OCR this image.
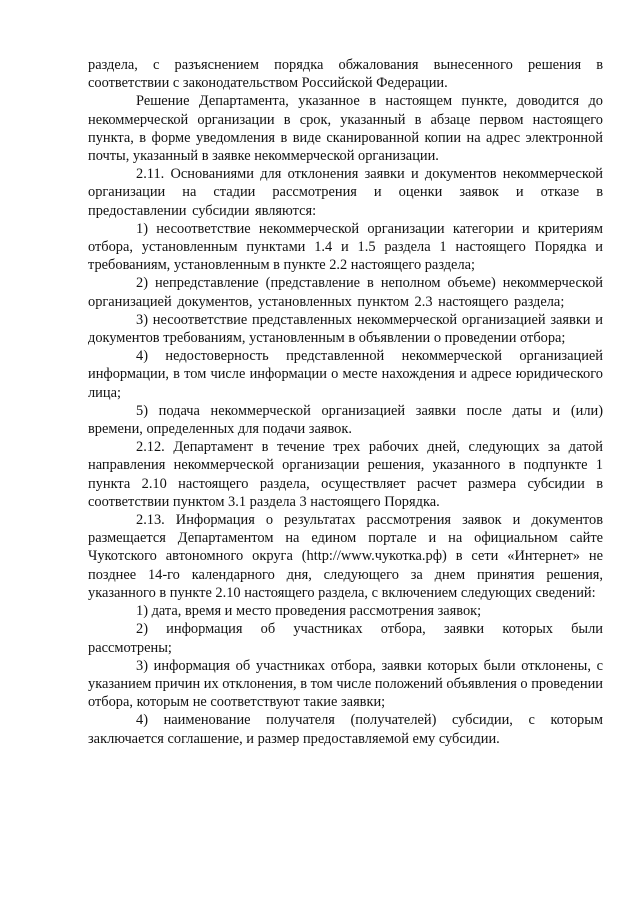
раздела, с разъяснением порядка обжалования вынесенного решения в соответствии с законодательством Российской Федерации.

Решение Департамента, указанное в настоящем пункте, доводится до некоммерческой организации в срок, указанный в абзаце первом настоящего пункта, в форме уведомления в виде сканированной копии на адрес электронной почты, указанный в заявке некоммерческой организации.

2.11. Основаниями для отклонения заявки и документов некоммерческой организации на стадии рассмотрения и оценки заявок и отказе в предоставлении субсидии являются:

1) несоответствие некоммерческой организации категории и критериям отбора, установленным пунктами 1.4 и 1.5 раздела 1 настоящего Порядка и требованиям, установленным в пункте 2.2 настоящего раздела;

2) непредставление (представление в неполном объеме) некоммерческой организацией документов, установленных пунктом 2.3 настоящего раздела;

3) несоответствие представленных некоммерческой организацией заявки и документов требованиям, установленным в объявлении о проведении отбора;

4) недостоверность представленной некоммерческой организацией информации, в том числе информации о месте нахождения и адресе юридического лица;

5) подача некоммерческой организацией заявки после даты и (или) времени, определенных для подачи заявок.

2.12. Департамент в течение трех рабочих дней, следующих за датой направления некоммерческой организации решения, указанного в подпункте 1 пункта 2.10 настоящего раздела, осуществляет расчет размера субсидии в соответствии пунктом 3.1 раздела 3 настоящего Порядка.

2.13. Информация о результатах рассмотрения заявок и документов размещается Департаментом на едином портале и на официальном сайте Чукотского автономного округа (http://www.чукотка.рф) в сети «Интернет» не позднее 14-го календарного дня, следующего за днем принятия решения, указанного в пункте 2.10 настоящего раздела, с включением следующих сведений:

1) дата, время и место проведения рассмотрения заявок;

2) информация об участниках отбора, заявки которых были рассмотрены;

3) информация об участниках отбора, заявки которых были отклонены, с указанием причин их отклонения, в том числе положений объявления о проведении отбора, которым не соответствуют такие заявки;

4) наименование получателя (получателей) субсидии, с которым заключается соглашение, и размер предоставляемой ему субсидии.
